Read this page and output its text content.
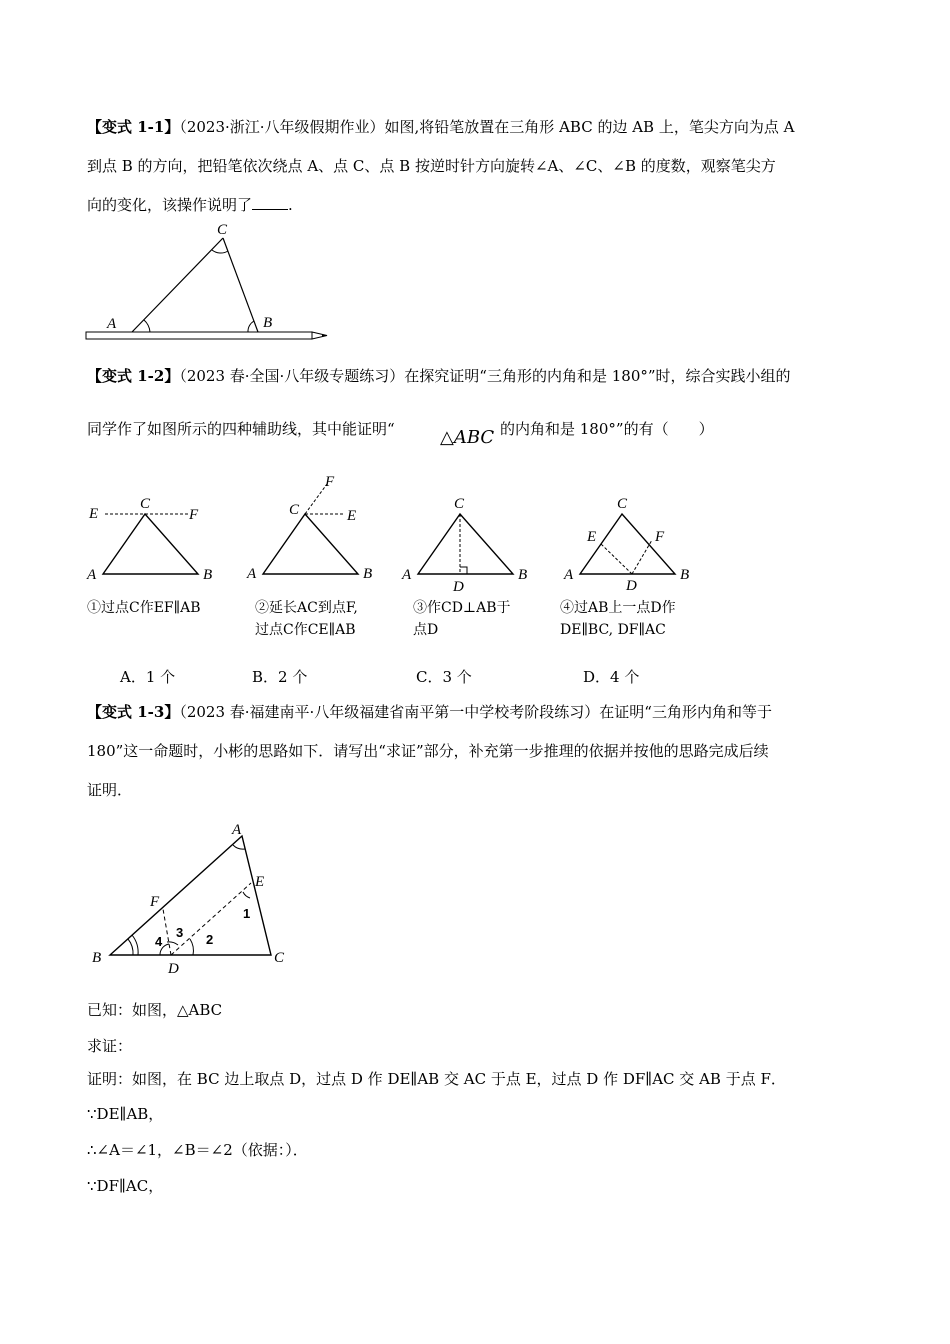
【变式 1-1】（2023·浙江·八年级假期作业）如图,将铅笔放置在三角形 ABC 的边 AB 上，笔尖方向为点 A
到点 B 的方向，把铅笔依次绕点 A、点 C、点 B 按逆时针方向旋转∠A、∠C、∠B 的度数，观察笔尖方
向的变化，该操作说明了 .
C
A	B
【变式 1-2】（2023 春·全国·八年级专题练习）在探究证明“三角形的内角和是 180°”时，综合实践小组的
同学作了如图所示的四种辅助线，其中能证明“	△ABC 的内角和是 180°”的有（　　）
E
C
F
A	B
F
C	E
A	B
C
A	B
D
C
E	F
A
D
B
①过点C作EF∥AB	②延长AC到点F,
过点C作CE∥AB
③作CD⊥AB于
点D
④过AB上一点D作
DE∥BC, DF∥AC
A．1 个	B．2 个	C．3 个	D．4 个
【变式 1-3】（2023 春·福建南平·八年级福建省南平第一中学校考阶段练习）在证明“三角形内角和等于
180”这一命题时，小彬的思路如下．请写出“求证”部分，补充第一步推理的依据并按他的思路完成后续
证明．
A
E
F
B
D
C
1
2
3
4
已知：如图，△ABC
求证：
证明：如图，在 BC 边上取点 D，过点 D 作 DE∥AB 交 AC 于点 E，过点 D 作 DF∥AC 交 AB 于点 F．
∵DE∥AB，
∴∠A＝∠1，∠B＝∠2（依据：）．
∵DF∥AC，
